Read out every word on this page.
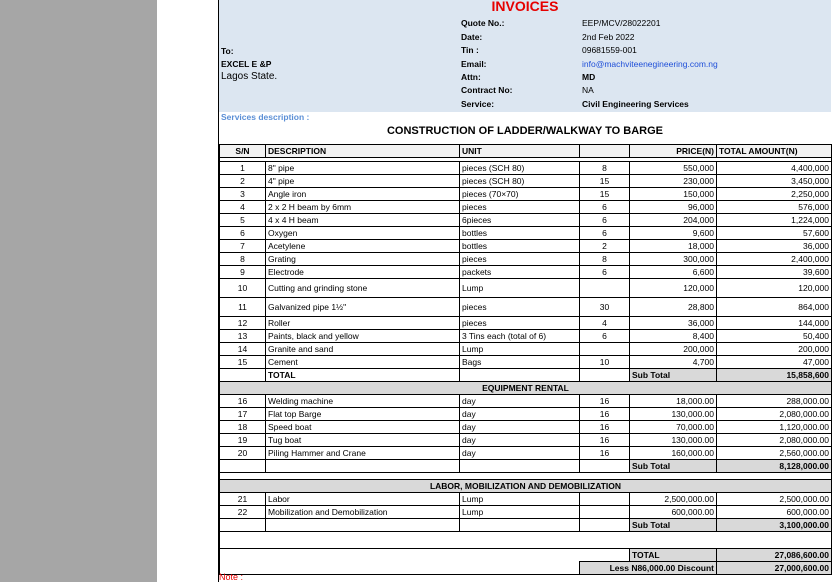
INVOICES
Quote No.:	EEP/MCV/28022201
Date:	2nd Feb 2022
Tin :	09681559-001
Email:	info@machviteenegineering.com.ng
Attn:	MD
Contract No:	NA
Service:	Civil Engineering Services
To:
EXCEL E &P
Lagos State.
Services description :
CONSTRUCTION OF LADDER/WALKWAY TO BARGE
S/N	DESCRIPTION	UNIT		PRICE(N)	TOTAL AMOUNT(N)

1	8" pipe	pieces (SCH 80)	8	550,000	4,400,000
2	4" pipe	pieces (SCH 80)	15	230,000	3,450,000
3	Angle iron	pieces (70×70)	15	150,000	2,250,000
4	2 x 2 H beam by 6mm	pieces	6	96,000	576,000
5	4 x 4 H beam	6pieces	6	204,000	1,224,000
6	Oxygen	bottles	6	9,600	57,600
7	Acetylene	bottles	2	18,000	36,000
8	Grating	pieces	8	300,000	2,400,000
9	Electrode	packets	6	6,600	39,600
10	Cutting and grinding stone	Lump		120,000	120,000
11	Galvanized pipe 1½"	pieces	30	28,800	864,000
12	Roller	pieces	4	36,000	144,000
13	Paints, black and yellow	3 Tins each (total of 6)	6	8,400	50,400
14	Granite and sand	Lump		200,000	200,000
15	Cement	Bags	10	4,700	47,000
	TOTAL			Sub Total	15,858,600
EQUIPMENT RENTAL					
16	Welding machine	day	16	18,000.00	288,000.00
17	Flat top Barge	day	16	130,000.00	2,080,000.00
18	Speed boat	day	16	70,000.00	1,120,000.00
19	Tug boat	day	16	130,000.00	2,080,000.00
20	Piling Hammer and Crane	day	16	160,000.00	2,560,000.00
				Sub Total	8,128,000.00

LABOR, MOBILIZATION AND DEMOBILIZATION					
21	Labor	Lump		2,500,000.00	2,500,000.00
22	Mobilization and Demobilization	Lump		600,000.00	600,000.00
				Sub Total	3,100,000.00

				TOTAL	27,086,600.00
			Less N86,000.00 Discount		27,000,600.00
Note :
